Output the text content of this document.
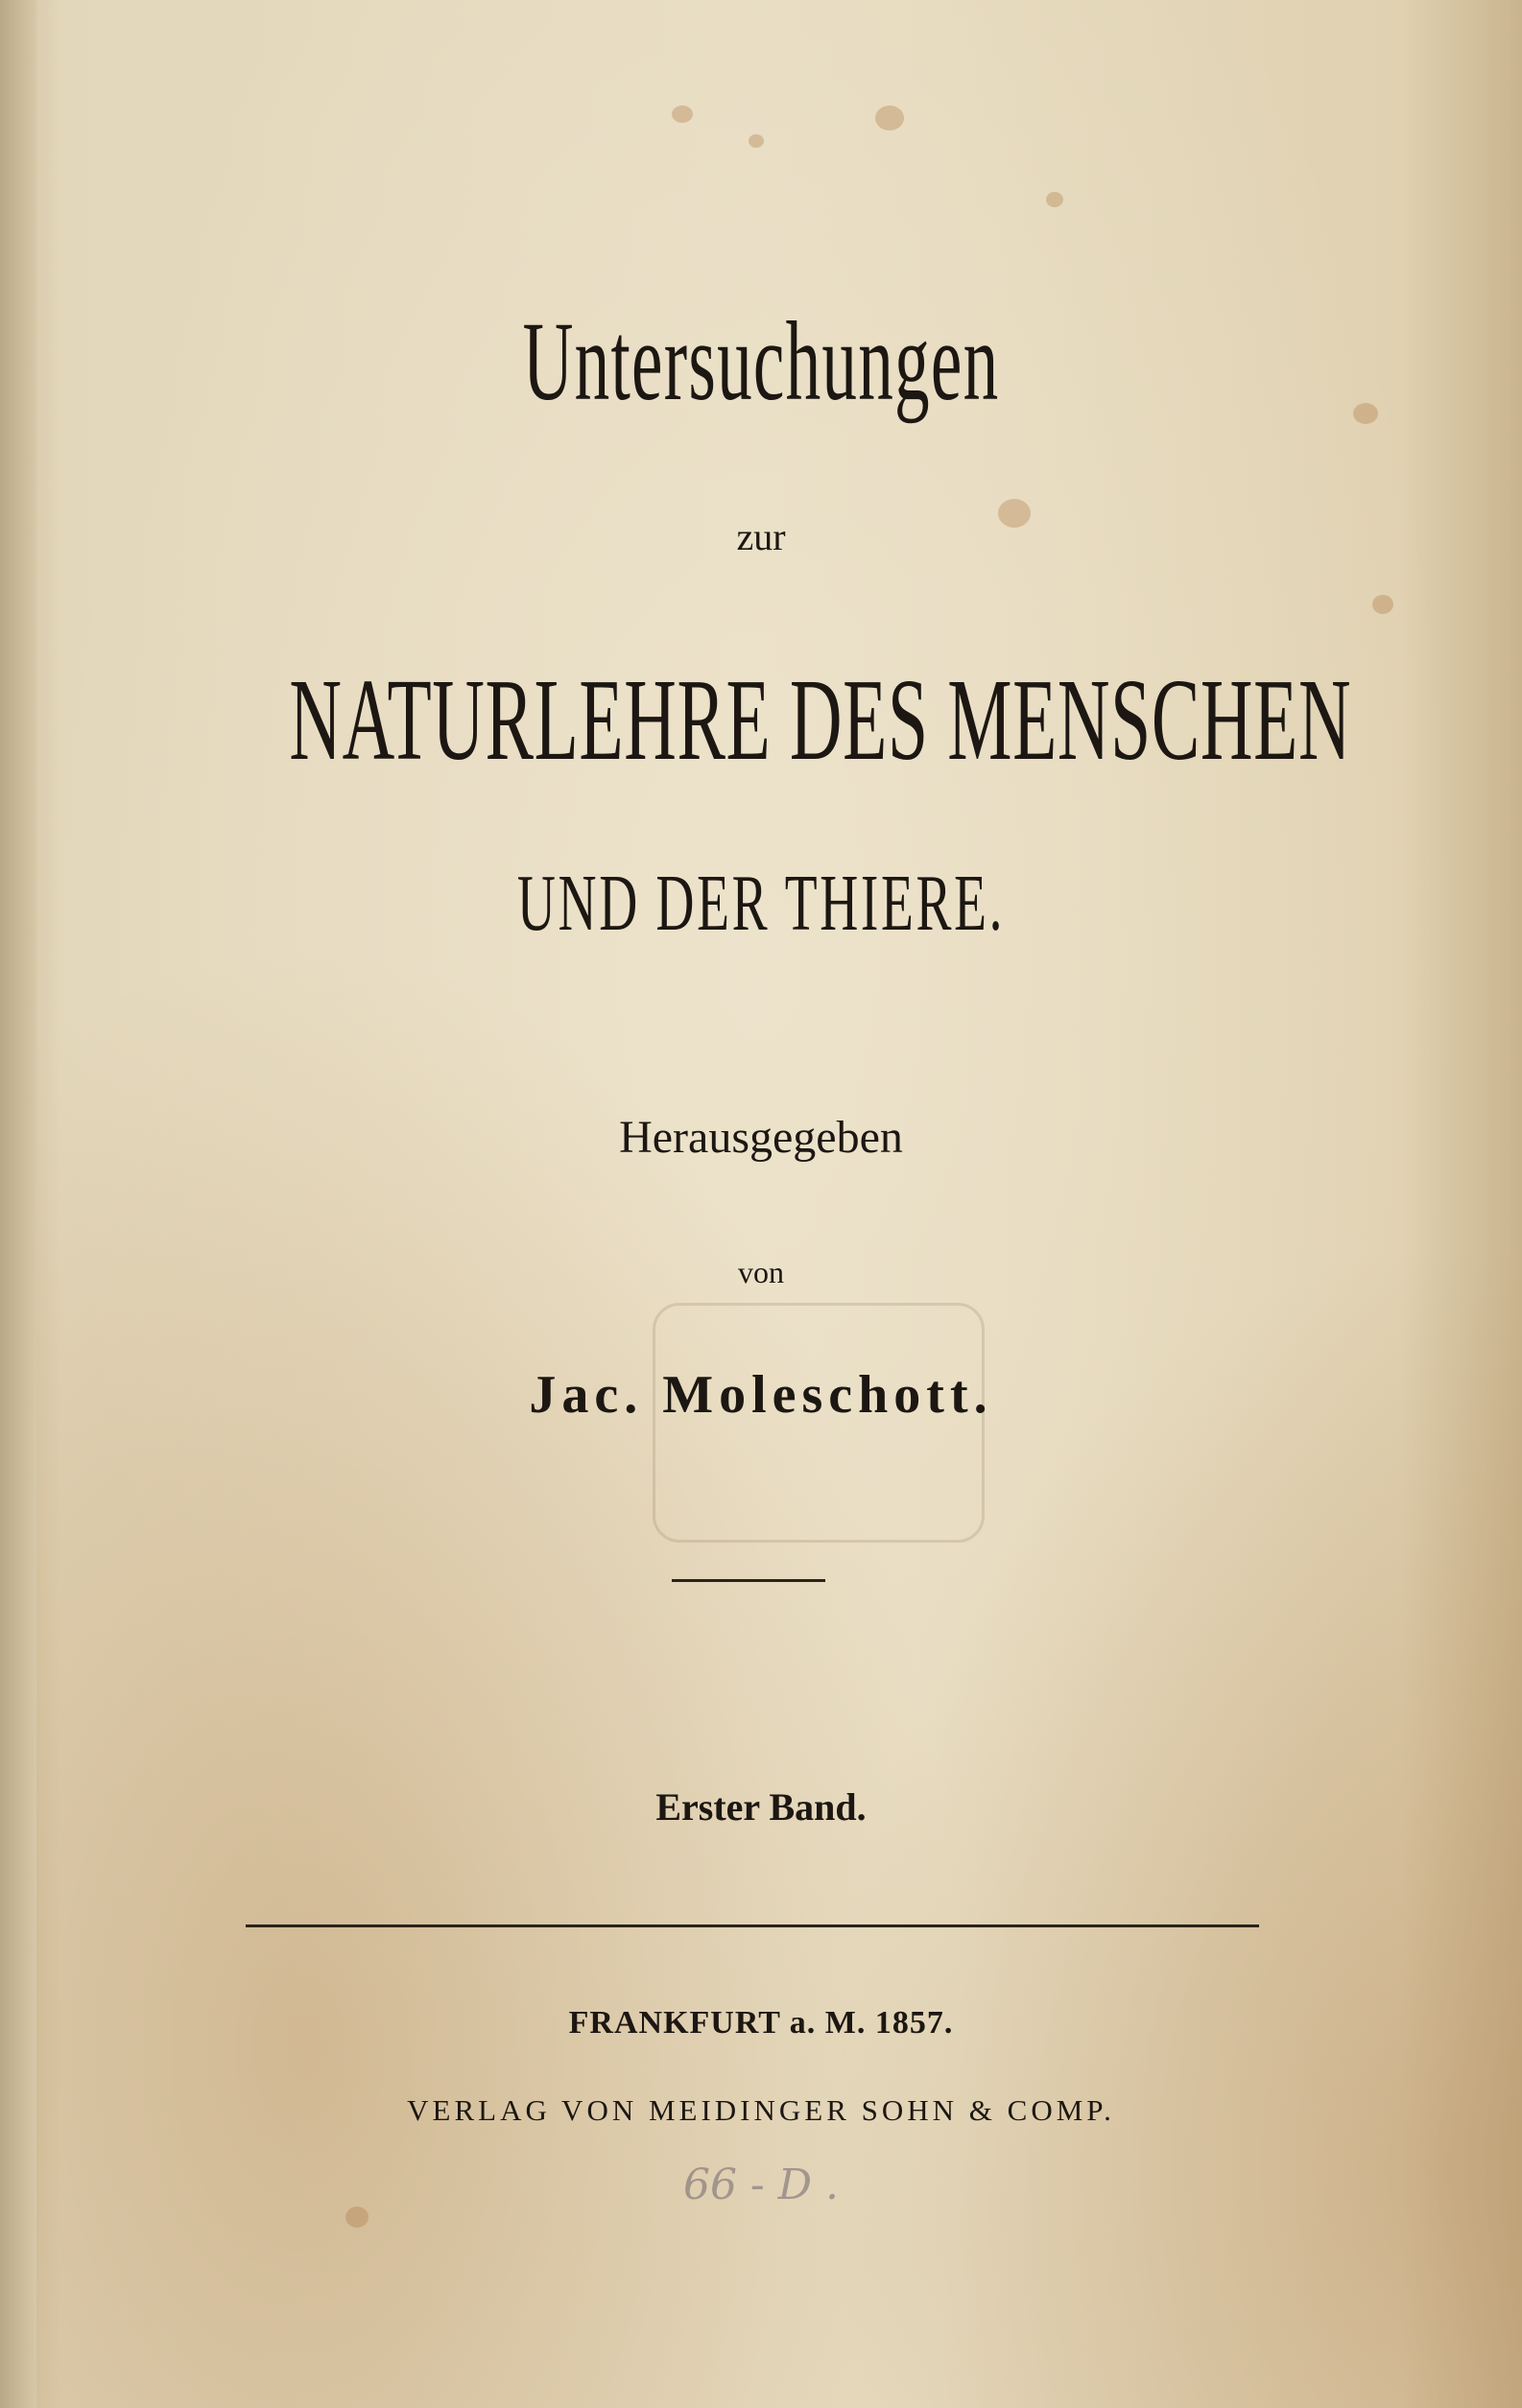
Untersuchungen
zur
NATURLEHRE DES MENSCHEN
UND DER THIERE.
Herausgegeben
von
Jac. Moleschott.
Erster Band.
FRANKFURT a. M. 1857.
VERLAG VON MEIDINGER SOHN & COMP.
66 - D .
